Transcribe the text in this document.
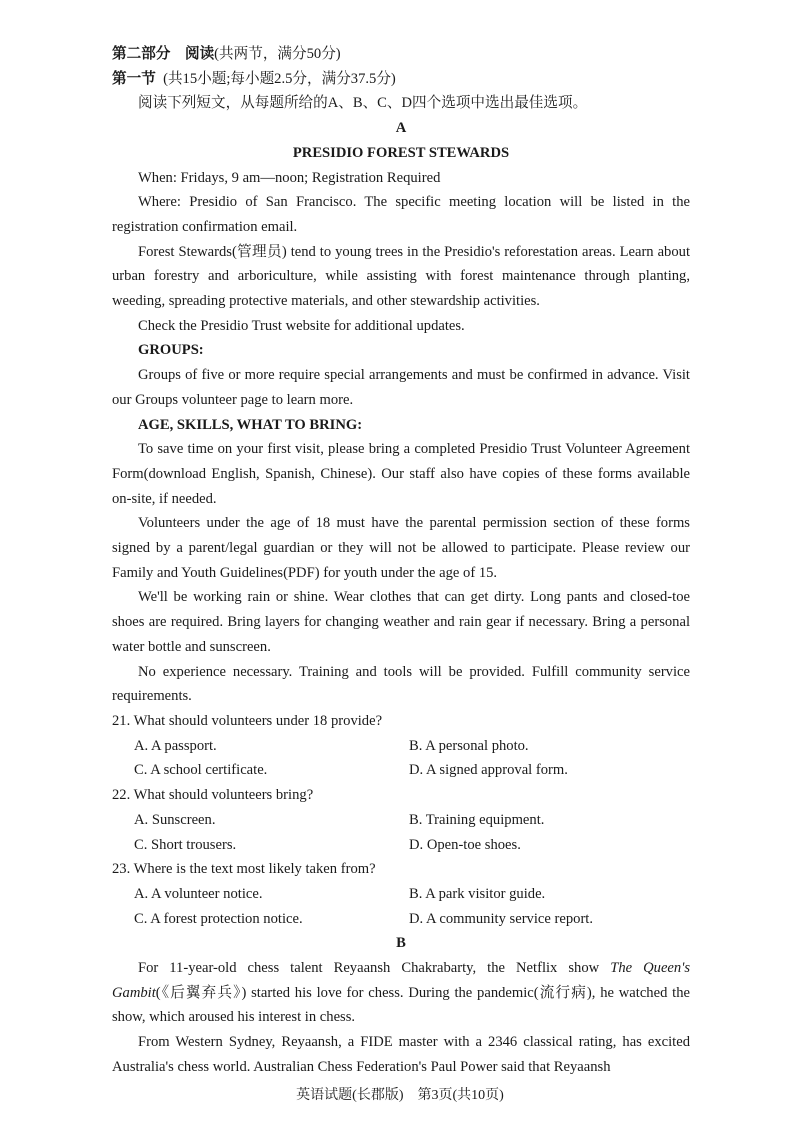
第二部分　阅读(共两节，满分50分)

第一节 (共15小题;每小题2.5分，满分37.5分)

阅读下列短文，从每题所给的A、B、C、D四个选项中选出最佳选项。

A

PRESIDIO FOREST STEWARDS

When: Fridays, 9 am—noon; Registration Required

Where: Presidio of San Francisco. The specific meeting location will be listed in the registration confirmation email.

Forest Stewards(管理员) tend to young trees in the Presidio's reforestation areas. Learn about urban forestry and arboriculture, while assisting with forest maintenance through planting, weeding, spreading protective materials, and other stewardship activities.

Check the Presidio Trust website for additional updates.

GROUPS:

Groups of five or more require special arrangements and must be confirmed in advance. Visit our Groups volunteer page to learn more.

AGE, SKILLS, WHAT TO BRING:

To save time on your first visit, please bring a completed Presidio Trust Volunteer Agreement Form(download English, Spanish, Chinese). Our staff also have copies of these forms available on-site, if needed.

Volunteers under the age of 18 must have the parental permission section of these forms signed by a parent/legal guardian or they will not be allowed to participate. Please review our Family and Youth Guidelines(PDF) for youth under the age of 15.

We'll be working rain or shine. Wear clothes that can get dirty. Long pants and closed-toe shoes are required. Bring layers for changing weather and rain gear if necessary. Bring a personal water bottle and sunscreen.

No experience necessary. Training and tools will be provided. Fulfill community service requirements.

21. What should volunteers under 18 provide?

A. A passport.	B. A personal photo.
C. A school certificate.	D. A signed approval form.

22. What should volunteers bring?

A. Sunscreen.	B. Training equipment.
C. Short trousers.	D. Open-toe shoes.

23. Where is the text most likely taken from?

A. A volunteer notice.	B. A park visitor guide.
C. A forest protection notice.	D. A community service report.

B

For 11-year-old chess talent Reyaansh Chakrabarty, the Netflix show The Queen's Gambit(《后翼弃兵》) started his love for chess. During the pandemic(流行病), he watched the show, which aroused his interest in chess.

From Western Sydney, Reyaansh, a FIDE master with a 2346 classical rating, has excited Australia's chess world. Australian Chess Federation's Paul Power said that Reyaansh

英语试题(长郡版)　第3页(共10页)
